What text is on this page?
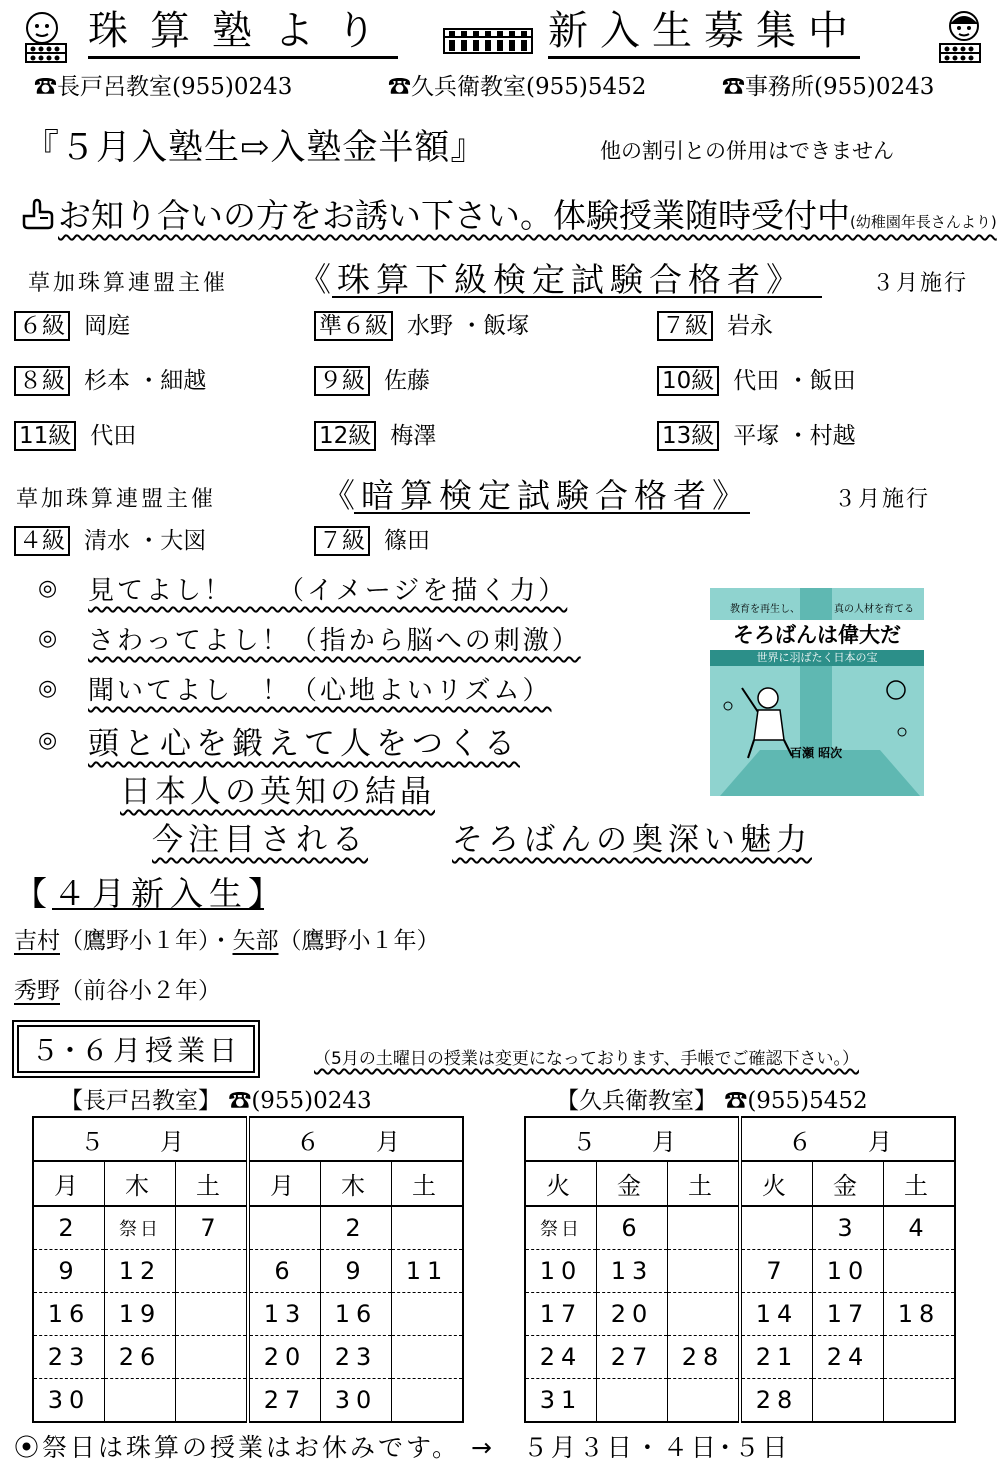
珠算塾より	新入生募集中
☎長戸呂教室(955)0243	☎久兵衛教室(955)5452	☎事務所(955)0243
『５月入塾生⇨入塾金半額』	他の割引との併用はできません
お知り合いの方をお誘い下さい。体験授業随時受付中(幼稚園年長さんより)
草加珠算連盟主催 《珠算下級検定試験合格者》	３月施行
６級 岡庭	準６級 水野 ・飯塚	７級 岩永
８級 杉本 ・細越	９級 佐藤	10級 代田 ・飯田
11級 代田	12級 梅澤	13級 平塚 ・村越
草加珠算連盟主催	《暗算検定試験合格者》	３月施行
４級 清水 ・大図	７級 篠田
◎ 見てよし！　　（イメージを描く力）
◎ さわってよし！（指から脳への刺激）
◎ 聞いてよし　！（心地よいリズム）
◎ 頭と心を鍛えて人をつくる
日本人の英知の結晶
今注目される	そろばんの奥深い魅力
教育を再生し、	真の人材を育てる
そろばんは偉大だ
世界に羽ばたく日本の宝
百瀬 昭次
【４月新入生】
吉村（鷹野小１年）・矢部（鷹野小１年）
秀野（前谷小２年）
５･６月授業日	（5月の土曜日の授業は変更になっております、手帳でご確認下さい。）
【長戸呂教室】 ☎(955)0243	【久兵衛教室】 ☎(955)5452
５　月			６　月		
月	木	土	月	木	土
2	祭日	7		2	
9	12		6	9	11
16	19		13	16	
23	26		20	23	
30			27	30	
５　月			６　月		
火	金	土	火	金	土
祭日	6			3	4
10	13		7	10	
17	20		14	17	18
24	27	28	21	24	
31			28		
⦿祭日は珠算の授業はお休みです。 →　５月３日・４日･５日
